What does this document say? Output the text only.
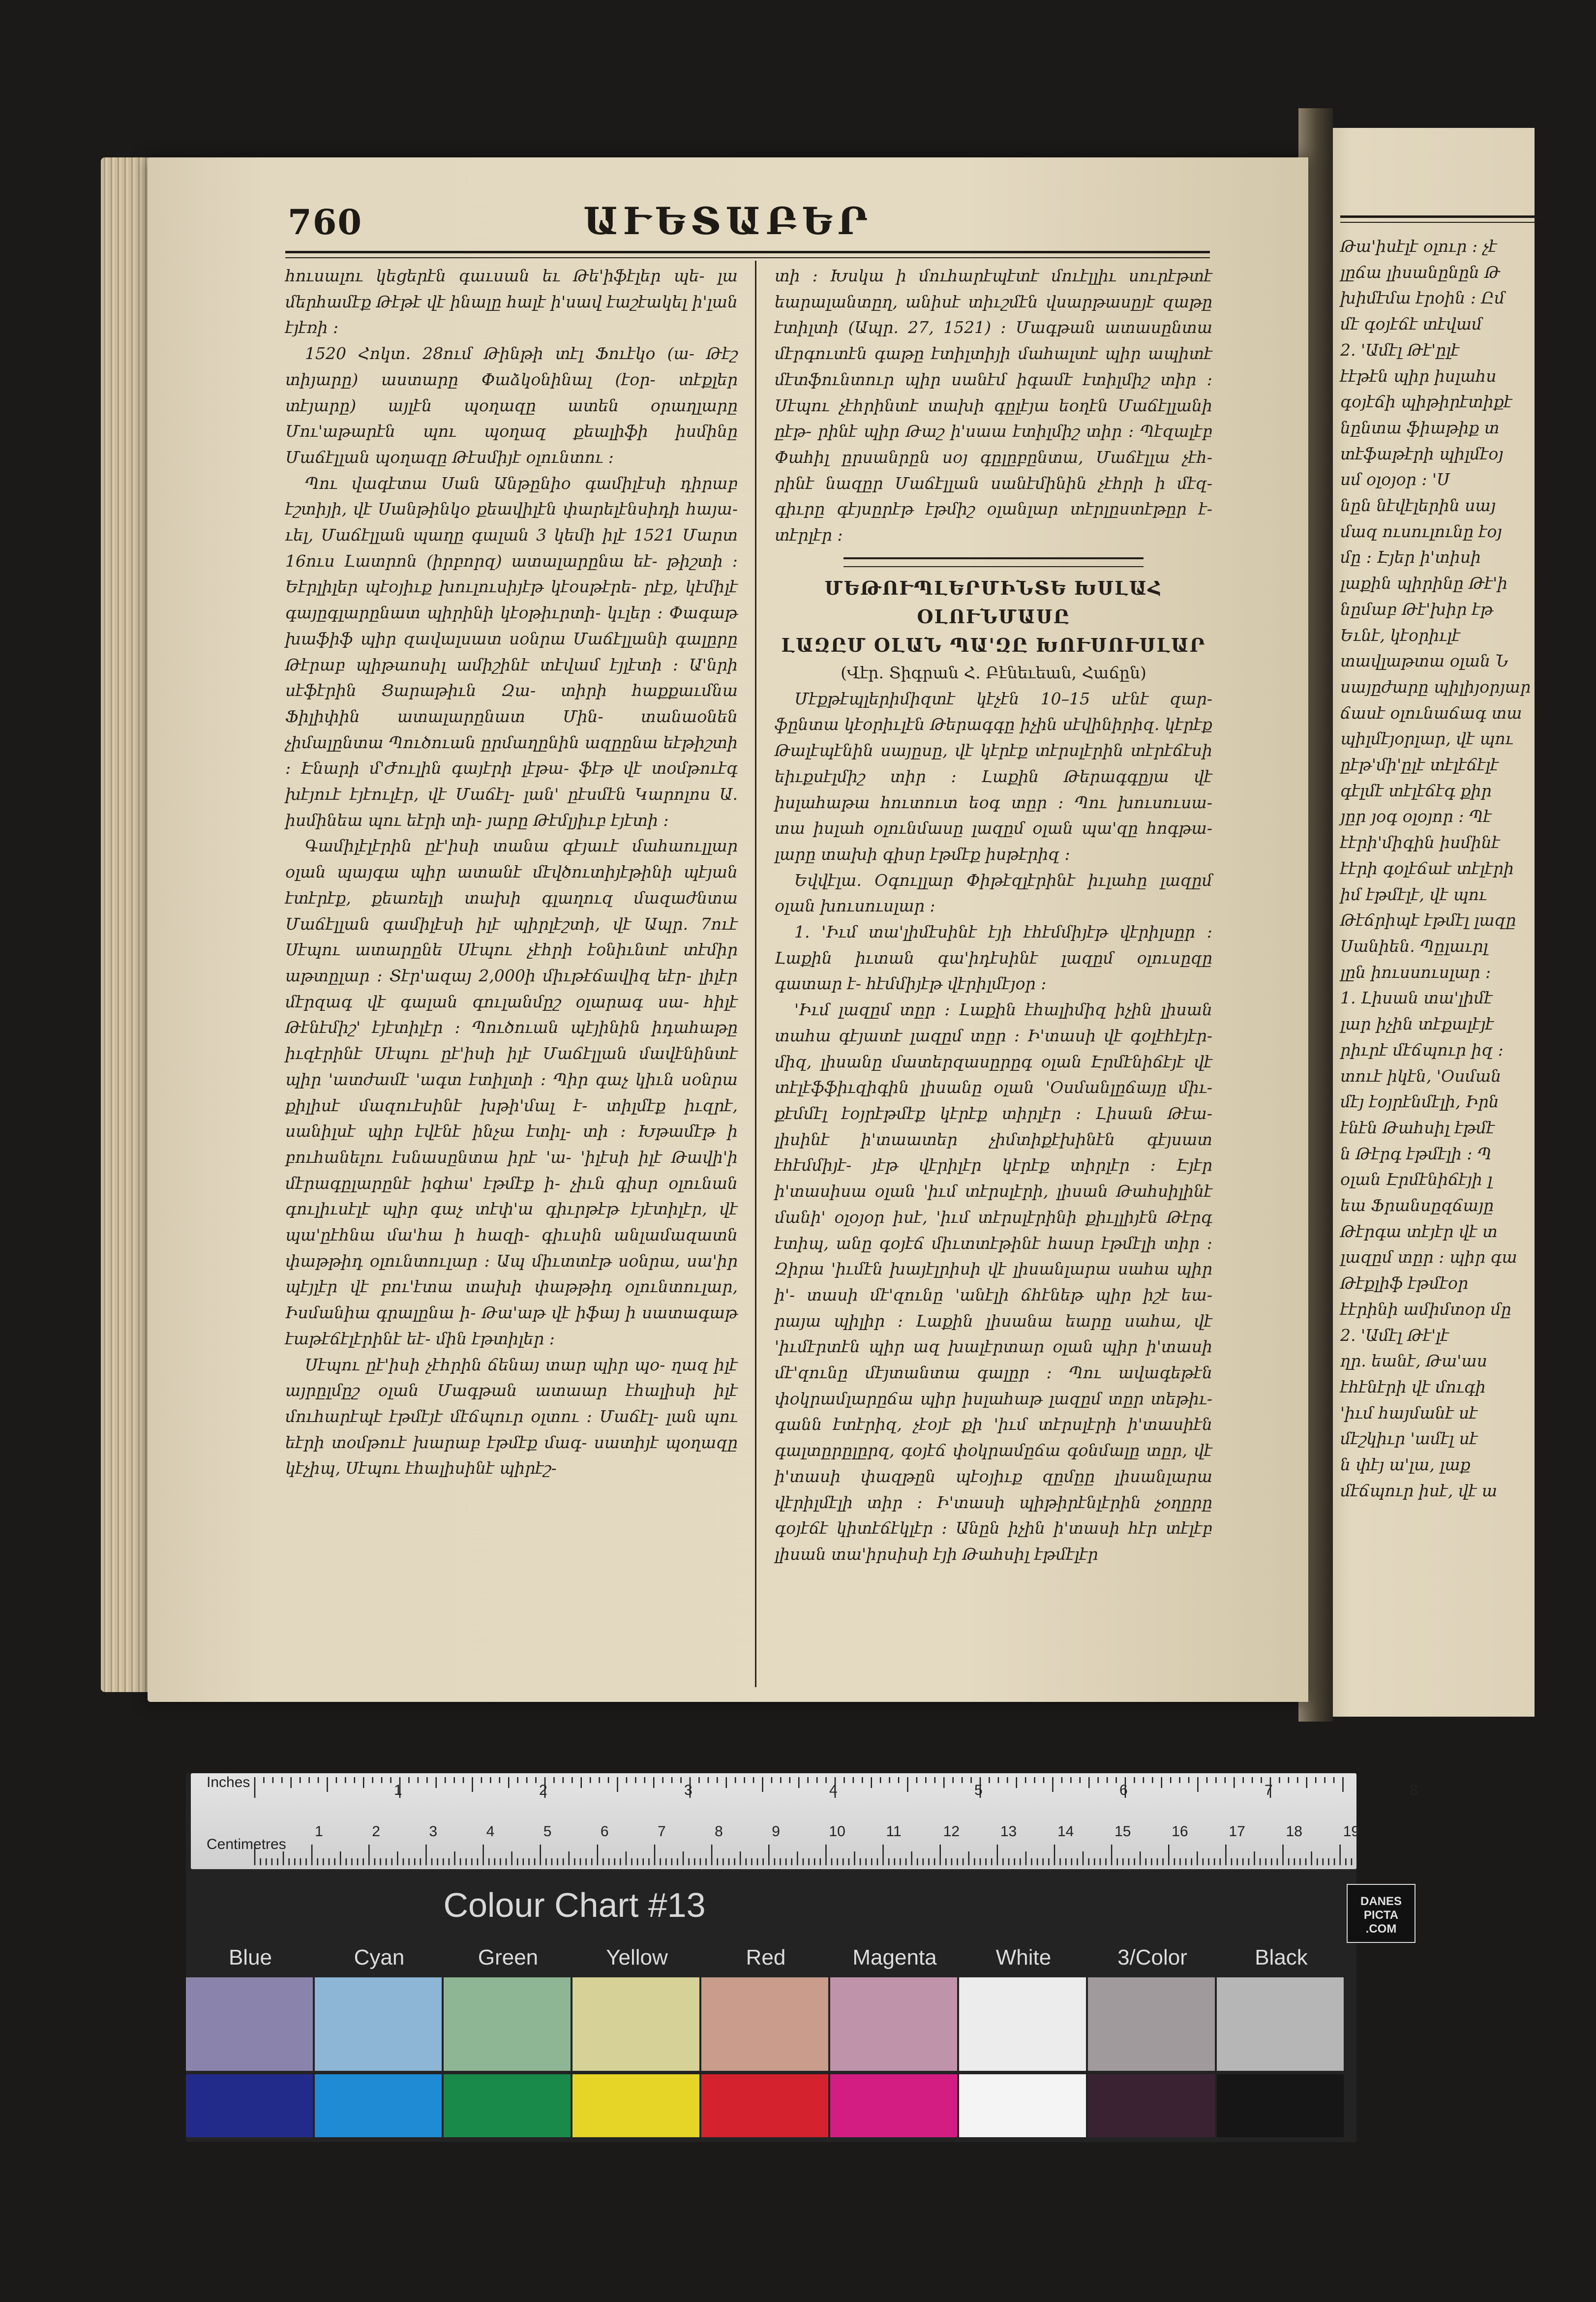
Թա'իսէլէ օլուր ։ չէ
լըճա լիսանընըն Թ
խիմէմա էրօին ։ Ըմ
մէ գօյէճէ տէվամ
2. 'Ամէլ Թէ'ըլէ
էէթէն պիր իսլահս
գօյէճի պիթիրէտիքէ
նընտա ֆիաթիք տ
տէֆաթէրի պիլմէօյ
սմ օլօյօր ։ 'Ս
նըն նէվէլերին սայ
մազ ուսուլունը էօյ
մը ։ Էյեր ի'տիսի
լաքին պիրինը Թէ'ի
նըմաբ Թէ'խիր էթ
Եւնէ, կէօրիւլէ
տավլաթտա օլան Ն
սայըժարը պիլիյօրյար
ճասէ օլունաճագ տա
պիլմէյօրլար, վէ պու
ըէթ'մի'ըլէ տէլէճէլէ
գէլմէ տէլէճէգ քիր
յըր յօգ օլօյոր ։ Պէ
էէրի'միգին իսմինէ
էէրի գօլէճաէ տէլէրի
իմ էթմէլէ, վէ պու
Թէճրիպէ էթմէլ լազը
Սանիեն. Պըլաւրլ
լըն իուսսուսլար ։
1. Լիսան տա'լիմէ
լար իչին տէքալէյէ
րիւրէ մէճպուր իզ ։
տուէ իկէն, 'Օսման
մէյ էօյրէնմէլի, Իրն
էնէն Թահսիլ էթմէ
ն Թէրգ էթմէլի ։ Պ
օլան Էրմէնիճէյի լ
եա Ֆրանսըզճայը
Թէրգա տէյէր վէ տ
լազըմ տըր ։ պիր գա
Թէքլիֆ էթմէօր
էէրինի ամիմտօր մը
2. 'Ամէլ Թէ'լէ
ղր. եանէ, Թա'աս
էհէնէրի վէ մուգի
'իւմ հայմանէ սէ
մէշկիւր 'ամէլ սէ
ն փէյ ա'լա, լաք
մէճպուր իսէ, վէ ա
760	ԱՒԵՏԱԲԵՐ

հուսալու կեցերէն գաւսան եւ Թե'իֆէլեր պե- լա մերհամէք Թէթէ վէ ինալը հալէ ի'սավ էաշէակել ի'լան էյէռի ։

1520 Հոկտ. 28ում Թինթի տէլ Ֆուէկօ (ա- Թէշ տիյարը) աստարը Փաձկօնինալ (էօր- տէքլեր տէյարը) այլէն պօղազը ատեն օրաղլարը Մու'աթարէն պու պօղազ քեալիֆի իսմինը Մաճէլլան պօղազը Թէսմիյէ օլունտու ։

Պու վագէտա Սան Անթընիօ գամիլէսի դիրաբ էշտիյի, վէ Սանթինկօ քեավիլէն փարելէնսիդի հայա- ւել, Մաճէլլան պաղը գալան 3 կեմի իլէ 1521 Մարտ 16ուս Լատրոն (իրբորզ) ատալարընա եէ- թիշտի ։ Եէրլիլեր պէօյիւք խուլուսիյէթ կէօսթէրե- րէք, կէմիլէ գայըգլարընատ պիրինի կէօթիւրտի- կւլեր ։ Փագաթ խաֆիֆ պիր զավալսատ սօնրա Մաճէլլանի գալըրը Թէրաբ պիթաոսիլ ամիշինէ տէվամ էյլէտի ։ Ա'նրի սէֆէրին Ցարաթիւն Զա- տիրի հաքքաւմնա Ֆիլիփին ատալարընատ Մին- տանաօնեն չիմալընտա Պուծուան ըրմաղընին ազըընա եէթիշտի ։ Էնարի մ'Ժուլին գայէրի լէթա- ֆէթ վէ տօմթուէգ խէյուէ էյէուլէր, վէ Մաճէլ- լան' ըէսմէն Կարոլոս Ա. իսմինեա պու եէրի տի- յարը Թէմլյիւբ էյէտի ։

Գամիլէլէրին ըէ'իսի տանա գէյաւէ մահաուլլար օլան պայգա պիր ատանէ մէվծուտիյէթինի պէյան էտէրէք, քեառելի տախի գլաղուզ մազաժնտա Մաճէլլան գամիլէսի իլէ պիրլէշտի, վէ Ապր. 7ուէ Սէպու ատարընե Սէպու չէհրի էօնիւնտէ տէմիր աթտըլար ։ Տէր'ազայ 2,000ի միւթէճավիզ եէր- լիլէր մէրզագ վէ գալան գուլանմըշ օլարագ սա- հիլէ Թէնէմիշ' էյէտիլէր ։ Պուծուան պէյինին իդահաթը իւզէրինէ Սէպու ըէ'իսի իլէ Մաճէլլան մավէնինտէ պիր 'ատժամէ 'ագտ էտիլտի ։ Պիր գաչ կիւն սօնրա քիլիսէ մազուէսինէ խթի'մալ է- տիլմէք իւզրէ, սանիլսէ պիր էվէնէ ինչա էտիլ- տի ։ Խթամէթ ի բուհանելու էսնասընտա իրէ 'ա- 'իլէսի իլէ Թավի'ի մէրագըլարընէ իգհա' էթմէք ի- չիւն գիսր օլունան գուլիւսէլէ պիր գաչ տէփ'ա գիւրթէթ էյէտիլէր, վէ պա'ըէհնա մա'հա ի հազի- գիւսին անլամազատն փաթթիդ օլունտուլար ։ Ապ միւտտէթ սօնրա, սա'իր պէյլէր վէ բու'էտա տախի փաթթիդ օլունտուլար, Իսմանիա գրալընա ի- Թա'աթ վէ իֆայ ի սատագաթ էաթէճէլէրինէ եէ- մին էթտիլեր ։

Սէպու ըէ'իսի չէհրին ճենայ տար պիր պօ- ղազ իլէ այրըլմըշ օլան Մագթան ատաար էհալիսի իլէ մուհարէպէ էթմէյէ մէճպուր օլտու ։ Մաճէլ- լան պու եէրի տօմթուէ խարաբ էթմէք մագ- սատիյէ պօղազը կէչիպ, Սէպու էհալիսինէ պիրէշ-

տի ։ Խսկա ի մուհարէպէտէ մուէլլիւ սուրէթտէ եարալանտըղ, անիսէ տիւշմէն վսարթասըյէ զաթը էտիլտի (Ապր. 27, 1521) ։ Մագթան ատասընտա մէրգուտէն գաթը էտիլտիյի մահալտէ պիր ապիտէ մէտֆունտուր պիր սանէմ իգամէ էտիլմիշ տիր ։ Սէպու չէհրինտէ տախի գըլէյա եօղէն Մաճէլլանի ըէթ- րինէ պիր Թաշ ի'սաա էտիլմիշ տիր ։ Պէզալէբ Փահիլ ըրսանրըն սօյ գըլըբընտա, Մաճէլլա չէհ- րինէ նազըր Մաճէլլան սանէմինին չէհրի ի մէզ- գիւրը գէյսըրէթ էթմիշ օլանլար տէրլըստէթըր է- տէրլէր ։

ՄԵԹՈՒՊԼԵՐՄԻՆՏԵ ԽՍԼԱՀ ՕԼՈՒՆՄԱՍԸ
ԼԱԶԸՄ ՕԼԱՆ ՊԱ'ԶԸ ԽՈՒՍՈՒՍԼԱՐ
(Վէր. Տիգրան Հ. Բէնեւեան, Հաճըն)

Մէքթէպլերիմիզտէ կէչէն 10–15 սէնէ զար- ֆընտա կէօրիւլէն Թերագգը իչին սէվինիրիզ. կէրէք Թալէպէնին սայըսը, վէ կէրէք տէրսլէրին տէրէճէսի եիւքսէլմիշ տիր ։ Լաքին Թերագգըյա վէ իսլահաթա հուտուտ եօգ տըր ։ Պու խուսուսա- տա իսլահ օլունմասը լազըմ օլան պա'զը հոգթա- լարը տախի գիսր էթմէք իսթէրիզ ։

Եվվէլա. Օգուլլար Փիթէզլէրինէ իւլահը լազըմ օլան խուսուսլար ։

1. 'Իւմ տա'լիմէսինէ էյի էհէմմիյէթ վէրիլսըր ։ Լաքին իւտան գա'իդէսինէ լազըմ օլուսըզը գատար է- հէմմիյէթ վէրիլմէյօր ։

'Իւմ լազըմ տըր ։ Լաքին էհալիմիզ իչին լիսան տահա գէյատէ լազըմ տըր ։ Ի'տասի վէ գօլէհէյէր- միզ, լիսանը մատերզասըրըգ օլան Էրմէնիճէյէ վէ տէլէֆֆիւզիգին լիսանը օլան 'Օսմանլըճայը միւ- քէմմէլ էօյրէթմէք կէրէք տիրլէր ։ Լիսան Թէա- լիսինէ ի'տաատեր չիմտիքէխինէն գէյսատ էհէմմիյէ- յէթ վէրիլէր կէրէք տիրլէր ։ Էյէր ի'տասիսա օլան 'իւմ տէրսլէրի, լիսան Թահսիլինէ մանի' օլօյօր իսէ, 'իւմ տէրսլէրինի քիւլլիյէն Թէրգ էտիպ, անը գօյէճ միւտտէթինէ հասր էթմէլի տիր ։ Զիրա 'իւմէն խայէլրիսի վէ լիսանլարա սահա պիր ի'- տասի մէ'զունը 'անէլի ճհէնեթ պիր իշէ եա- րայա պիլիր ։ Լաքին լիսանա եարը սահա, վէ 'իւմէրտէն պիր ազ խալէրտար օլան պիր ի'տասի մէ'զունը մէյտանտա գալըր ։ Պու ավագեթէն փօկրամլարըճա պիր իսլահաթ լազըմ տըր տեթիւ- գանն էտէրիզ, չէօյէ քի 'իւմ տէրսլէրի ի'տասիէն գալտըրըլըրզ, գօյէճ փօկրամըճա գօնմալը տըր, վէ ի'տասի փազթըն պէօյիւք զըմըը լիսանլարա վէրիլմէլի տիր ։ Ի'տասի պիթիրէնլէրին չօղըրը գօյէճէ կիտէճէկլէր ։ Անըն իչին ի'տասի հէր տէլէբ լիսան տա'իրսիսի էյի Թահսիլ էթմէլէր

1	2	3	4	5	6	7	8
1	2	3	4	5	6	7	8	9	10	11	12	13	14	15	16	17	18	19
Inches
Centimetres
Colour Chart #13	DANES
PICTA
.COM
Blue	Cyan	Green	Yellow	Red	Magenta	White	3/Color	Black
